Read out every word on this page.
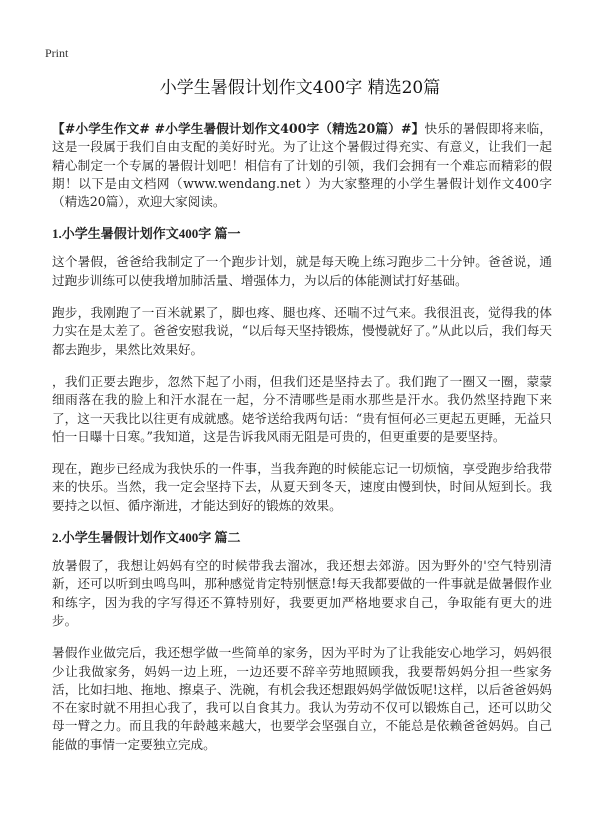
Print
小学生暑假计划作文400字 精选20篇

【#小学生作文# #小学生暑假计划作文400字（精选20篇）#】快乐的暑假即将来临，这是一段属于我们自由支配的美好时光。为了让这个暑假过得充实、有意义，让我们一起精心制定一个专属的暑假计划吧！相信有了计划的引领，我们会拥有一个难忘而精彩的假期！以下是由文档网（www.wendang.net ）为大家整理的小学生暑假计划作文400字（精选20篇），欢迎大家阅读。

1.小学生暑假计划作文400字 篇一

这个暑假，爸爸给我制定了一个跑步计划，就是每天晚上练习跑步二十分钟。爸爸说，通过跑步训练可以使我增加肺活量、增强体力，为以后的体能测试打好基础。

跑步，我刚跑了一百米就累了，脚也疼、腿也疼、还喘不过气来。我很沮丧，觉得我的体力实在是太差了。爸爸安慰我说，“以后每天坚持锻炼，慢慢就好了。”从此以后，我们每天都去跑步，果然比效果好。

，我们正要去跑步，忽然下起了小雨，但我们还是坚持去了。我们跑了一圈又一圈，蒙蒙细雨落在我的脸上和汗水混在一起，分不清哪些是雨水那些是汗水。我仍然坚持跑下来了，这一天我比以往更有成就感。姥爷送给我两句话：“贵有恒何必三更起五更睡，无益只怕一日曝十日寒。”我知道，这是告诉我风雨无阻是可贵的，但更重要的是要坚持。

现在，跑步已经成为我快乐的一件事，当我奔跑的时候能忘记一切烦恼，享受跑步给我带来的快乐。当然，我一定会坚持下去，从夏天到冬天，速度由慢到快，时间从短到长。我要持之以恒、循序渐进，才能达到好的锻炼的效果。

2.小学生暑假计划作文400字 篇二

放暑假了，我想让妈妈有空的时候带我去溜冰，我还想去郊游。因为野外的'空气特别清新，还可以听到虫鸣鸟叫，那种感觉肯定特别惬意!每天我都要做的一件事就是做暑假作业和练字，因为我的字写得还不算特别好，我要更加严格地要求自己，争取能有更大的进步。

暑假作业做完后，我还想学做一些简单的家务，因为平时为了让我能安心地学习，妈妈很少让我做家务，妈妈一边上班，一边还要不辞辛劳地照顾我，我要帮妈妈分担一些家务活，比如扫地、拖地、擦桌子、洗碗，有机会我还想跟妈妈学做饭呢!这样，以后爸爸妈妈不在家时就不用担心我了，我可以自食其力。我认为劳动不仅可以锻炼自己，还可以助父母一臂之力。而且我的年龄越来越大，也要学会坚强自立，不能总是依赖爸爸妈妈。自己能做的事情一定要独立完成。
